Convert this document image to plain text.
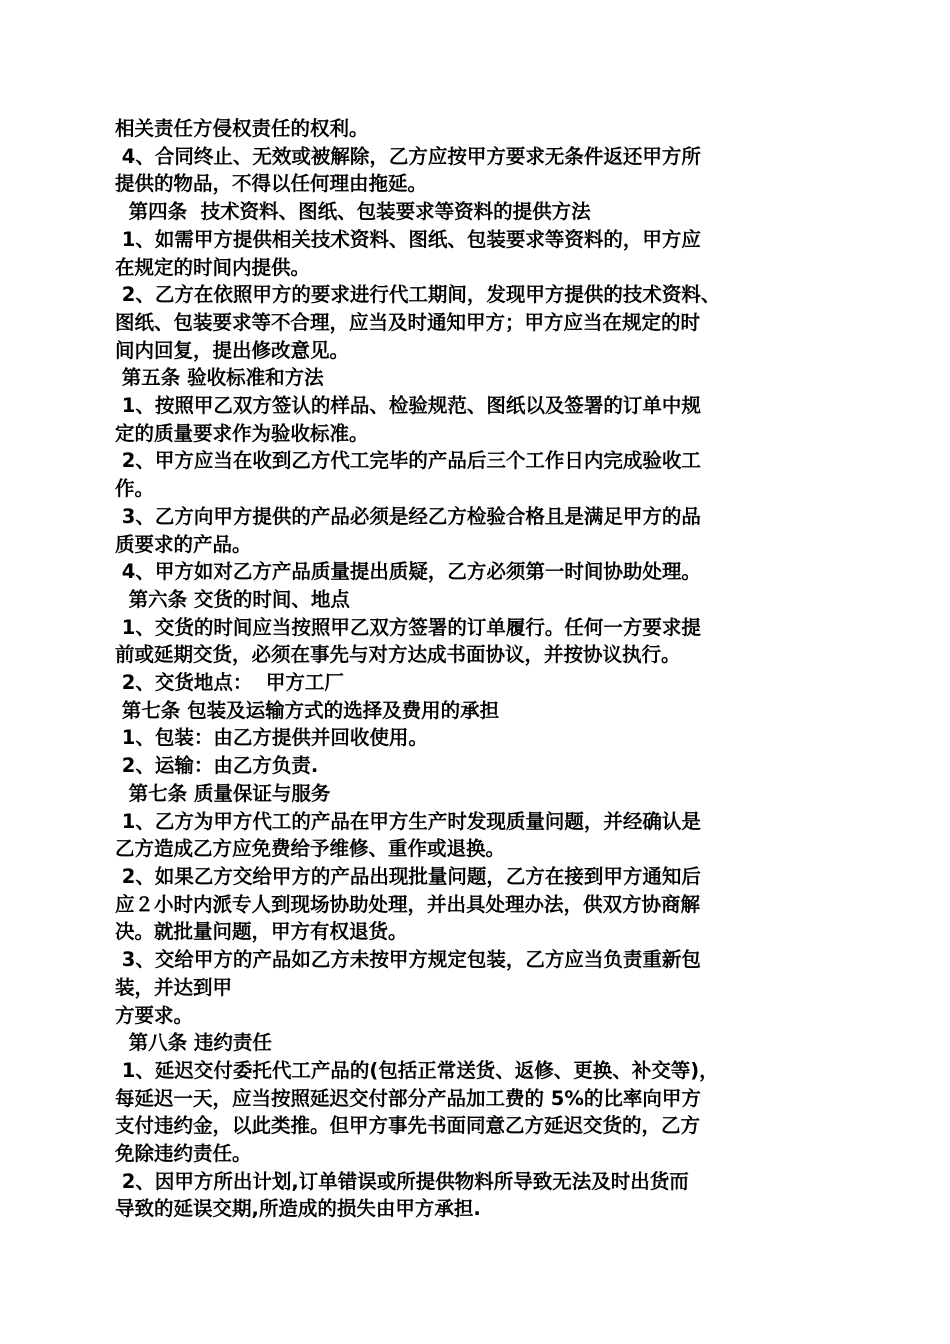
相关责任方侵权责任的权利。

4、合同终止、无效或被解除，乙方应按甲方要求无条件返还甲方所

提供的物品，不得以任何理由拖延。

第四条  技术资料、图纸、包装要求等资料的提供方法

1、如需甲方提供相关技术资料、图纸、包装要求等资料的，甲方应

在规定的时间内提供。

2、乙方在依照甲方的要求进行代工期间，发现甲方提供的技术资料、

图纸、包装要求等不合理，应当及时通知甲方；甲方应当在规定的时

间内回复，提出修改意见。

第五条 验收标准和方法

1、按照甲乙双方签认的样品、检验规范、图纸以及签署的订单中规

定的质量要求作为验收标准。

2、甲方应当在收到乙方代工完毕的产品后三个工作日内完成验收工

作。

3、乙方向甲方提供的产品必须是经乙方检验合格且是满足甲方的品

质要求的产品。

4、甲方如对乙方产品质量提出质疑，乙方必须第一时间协助处理。

第六条 交货的时间、地点

1、交货的时间应当按照甲乙双方签署的订单履行。任何一方要求提

前或延期交货，必须在事先与对方达成书面协议，并按协议执行。

2、交货地点：  甲方工厂

第七条 包装及运输方式的选择及费用的承担

1、包装：由乙方提供并回收使用。

2、运输：由乙方负责.

第七条 质量保证与服务

1、乙方为甲方代工的产品在甲方生产时发现质量问题，并经确认是

乙方造成乙方应免费给予维修、重作或退换。

2、如果乙方交给甲方的产品出现批量问题，乙方在接到甲方通知后

应２小时内派专人到现场协助处理，并出具处理办法，供双方协商解

决。就批量问题，甲方有权退货。

3、交给甲方的产品如乙方未按甲方规定包装，乙方应当负责重新包

装，并达到甲

方要求。

第八条 违约责任

1、延迟交付委托代工产品的(包括正常送货、返修、更换、补交等)，

每延迟一天，应当按照延迟交付部分产品加工费的 5%的比率向甲方

支付违约金，以此类推。但甲方事先书面同意乙方延迟交货的，乙方

免除违约责任。

2、因甲方所出计划,订单错误或所提供物料所导致无法及时出货而

导致的延误交期,所造成的损失由甲方承担.
